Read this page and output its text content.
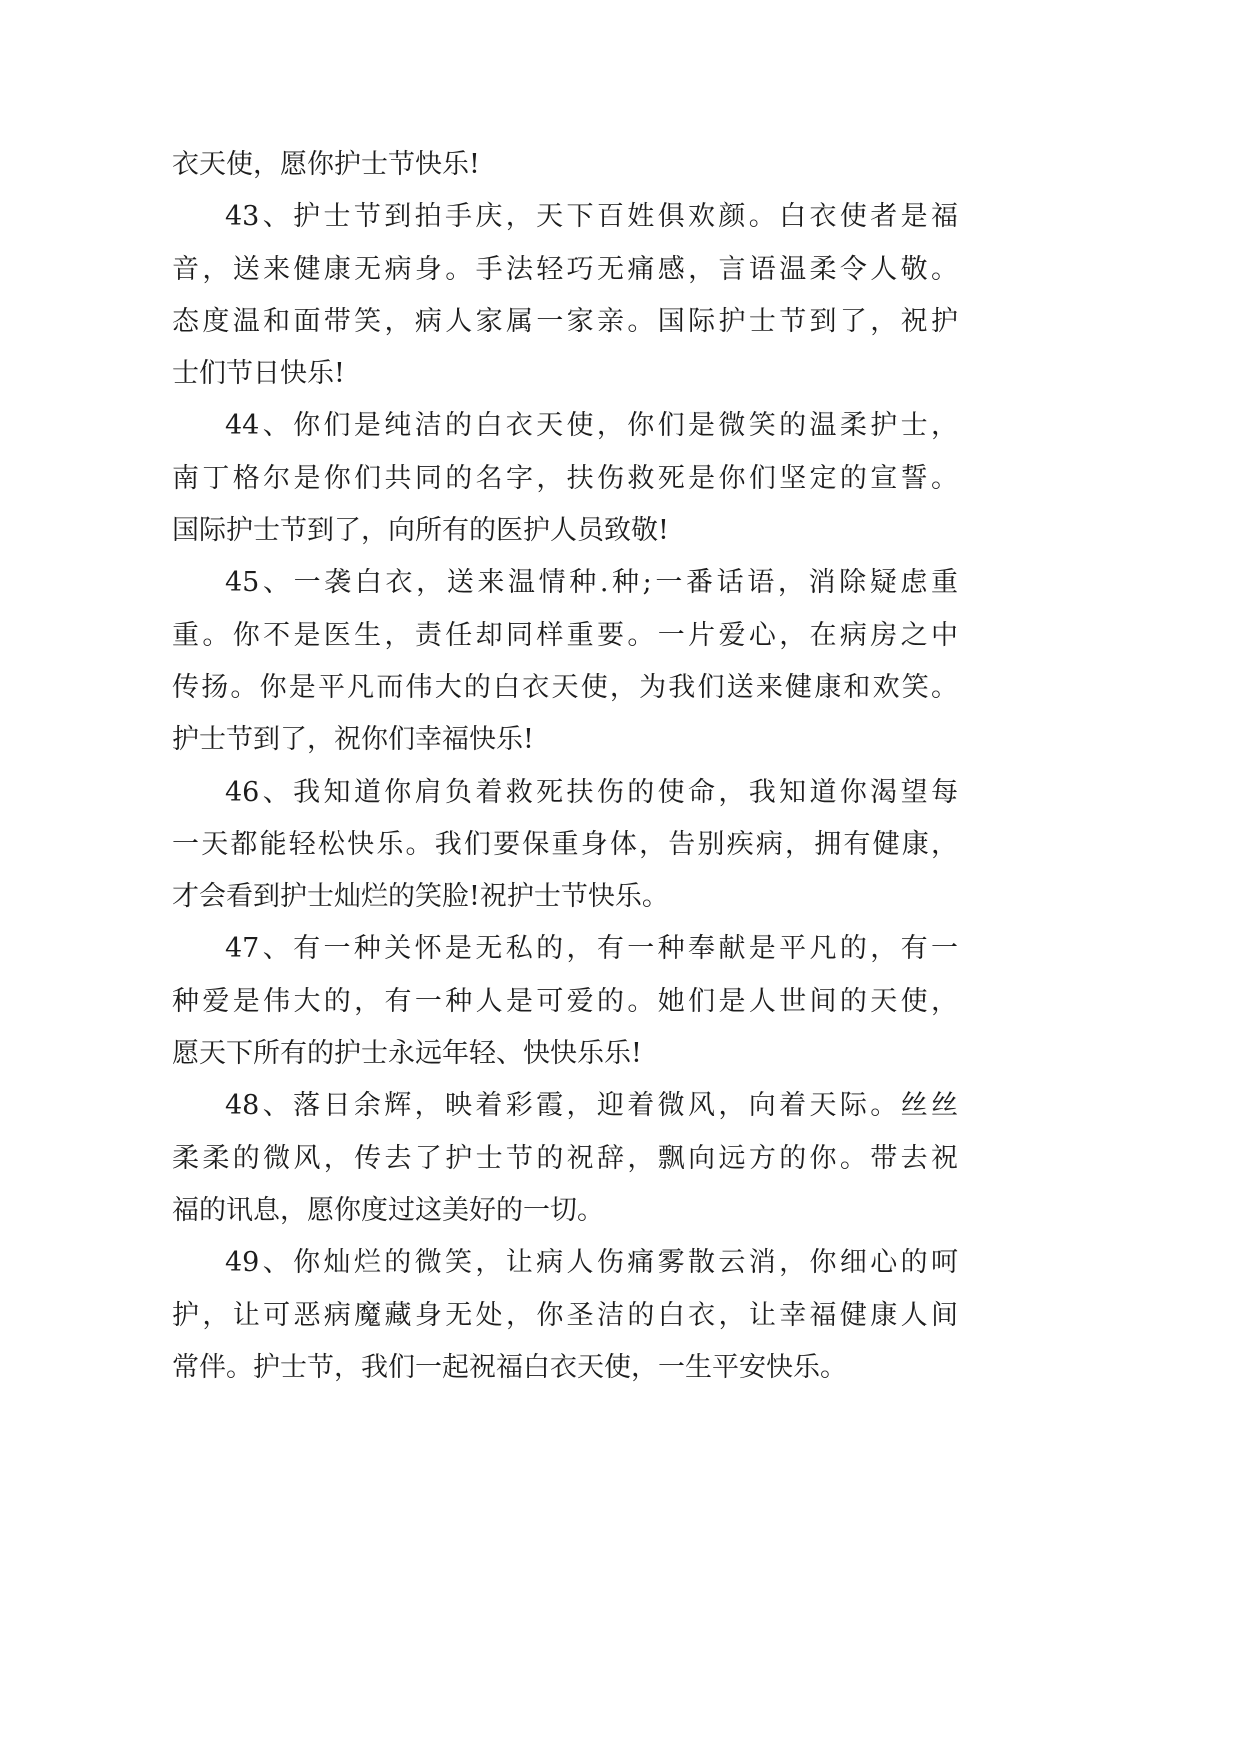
衣天使，愿你护士节快乐!
43、护士节到拍手庆，天下百姓俱欢颜。白衣使者是福
音，送来健康无病身。手法轻巧无痛感，言语温柔令人敬。
态度温和面带笑，病人家属一家亲。国际护士节到了，祝护
士们节日快乐!
44、你们是纯洁的白衣天使，你们是微笑的温柔护士，
南丁格尔是你们共同的名字，扶伤救死是你们坚定的宣誓。
国际护士节到了，向所有的医护人员致敬!
45、一袭白衣，送来温情种.种;一番话语，消除疑虑重
重。你不是医生，责任却同样重要。一片爱心，在病房之中
传扬。你是平凡而伟大的白衣天使，为我们送来健康和欢笑。
护士节到了，祝你们幸福快乐!
46、我知道你肩负着救死扶伤的使命，我知道你渴望每
一天都能轻松快乐。我们要保重身体，告别疾病，拥有健康，
才会看到护士灿烂的笑脸!祝护士节快乐。
47、有一种关怀是无私的，有一种奉献是平凡的，有一
种爱是伟大的，有一种人是可爱的。她们是人世间的天使，
愿天下所有的护士永远年轻、快快乐乐!
48、落日余辉，映着彩霞，迎着微风，向着天际。丝丝
柔柔的微风，传去了护士节的祝辞，飘向远方的你。带去祝
福的讯息，愿你度过这美好的一切。
49、你灿烂的微笑，让病人伤痛雾散云消，你细心的呵
护，让可恶病魔藏身无处，你圣洁的白衣，让幸福健康人间
常伴。护士节，我们一起祝福白衣天使，一生平安快乐。
